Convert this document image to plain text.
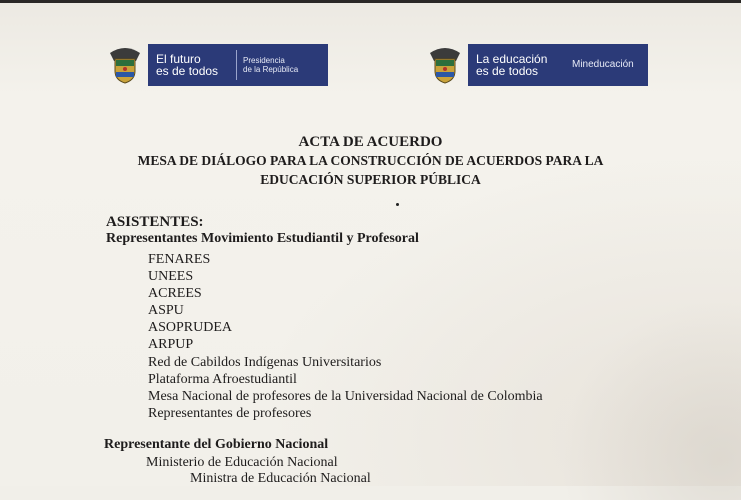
El futuro
es de todos
Presidencia
de la República
La educación
es de todos	Mineducación
ACTA DE ACUERDO
MESA DE DIÁLOGO PARA LA CONSTRUCCIÓN DE ACUERDOS PARA LA
EDUCACIÓN SUPERIOR PÚBLICA
ASISTENTES:
Representantes Movimiento Estudiantil y Profesoral
FENARES
UNEES
ACREES
ASPU
ASOPRUDEA
ARPUP
Red de Cabildos Indígenas Universitarios
Plataforma Afroestudiantil
Mesa Nacional de profesores de la Universidad Nacional de Colombia
Representantes de profesores
Representante del Gobierno Nacional
Ministerio de Educación Nacional
Ministra de Educación Nacional
